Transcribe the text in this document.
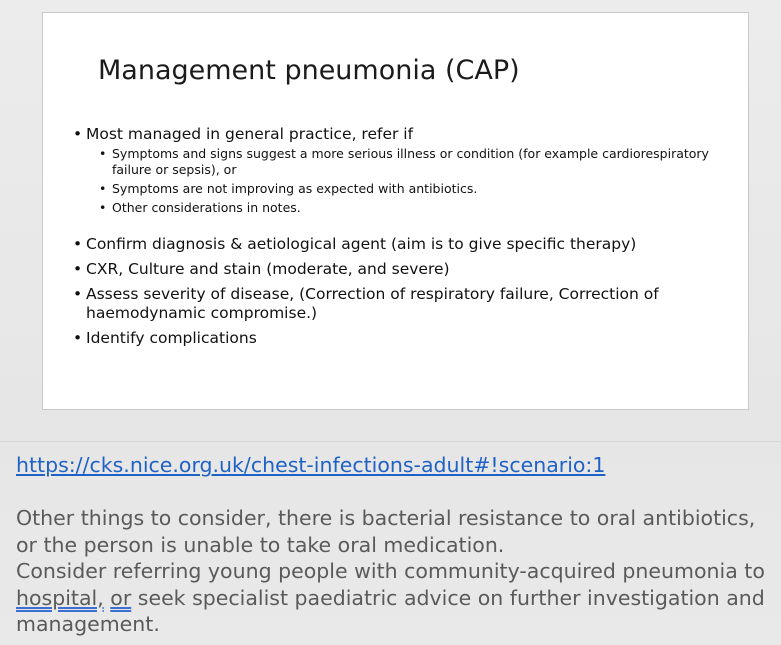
Management pneumonia (CAP)
• Most managed in general practice, refer if
• Symptoms and signs suggest a more serious illness or condition (for example cardiorespiratory failure or sepsis), or
• Symptoms are not improving as expected with antibiotics.
• Other considerations in notes.
• Confirm diagnosis & aetiological agent (aim is to give specific therapy)
• CXR, Culture and stain (moderate, and severe)
• Assess severity of disease, (Correction of respiratory failure, Correction of haemodynamic compromise.)
• Identify complications

https://cks.nice.org.uk/chest-infections-adult#!scenario:1

Other things to consider, there is bacterial resistance to oral antibiotics, or the person is unable to take oral medication.

Consider referring young people with community-acquired pneumonia to hospital, or seek specialist paediatric advice on further investigation and management.
